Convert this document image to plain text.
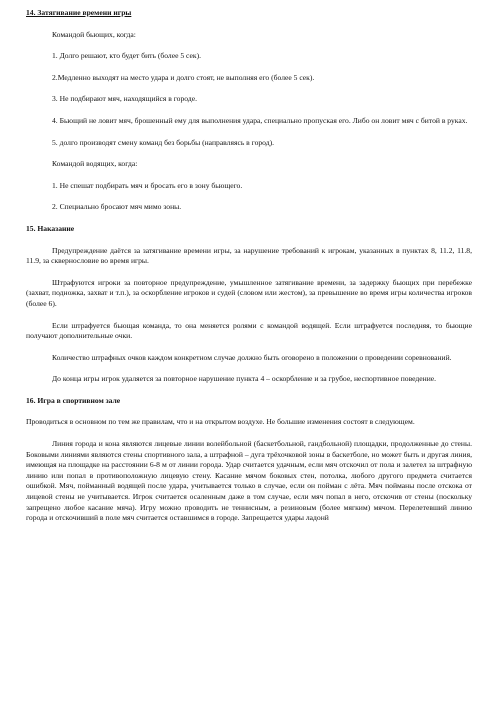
14. Затягивание времени игры

Командой бьющих, когда:

1. Долго решают, кто будет бить (более 5 сек).

2.Медленно выходят на место удара и долго стоят, не выполняя его (более 5 сек).

3. Не подбирают мяч, находящийся в городе.

4. Бьющий не ловит мяч, брошенный ему для выполнения удара, специально пропуская его. Либо он ловит мяч с битой в руках.

5. долго производят смену команд без борьбы (направляясь в город).

Командой водящих, когда:

1. Не спешат подбирать мяч и бросать его в зону бьющего.

2. Специально бросают мяч мимо зоны.

15. Наказание

Предупреждение даётся за затягивание времени игры, за нарушение требований к игрокам, указанных в пунктах 8, 11.2, 11.8, 11.9, за сквернословие во время игры.

Штрафуются игроки за повторное предупреждение, умышленное затягивание времени, за задержку бьющих при перебежке (захват, подножка, захват и т.п.), за оскорбление игроков и судей (словом или жестом), за превышение во время игры количества игроков (более 6).

Если штрафуется бьющая команда, то она меняется ролями с командой водящей. Если штрафуется последняя, то бьющие получают дополнительные очки.

Количество штрафных очков каждом конкретном случае должно быть оговорено в положении о проведении соревнований.

До конца игры игрок удаляется за повторное нарушение пункта 4 – оскорбление и за грубое, неспортивное поведение.

16. Игра в спортивном зале

Проводиться в основном по тем же правилам, что и на открытом воздухе. Не большие изменения состоят в следующем.

Линия города и кона являются лицевые линии волейбольной (баскетбольной, гандбольной) площадки, продолженные до стены. Боковыми линиями являются стены спортивного зала, а штрафной – дуга трёхочковой зоны в баскетболе, но может быть и другая линия, имеющая на площадке на расстоянии 6-8 м от линии города. Удар считается удачным, если мяч отскочил от пола и залетел за штрафную линию или попал в противоположную лицевую стену. Касание мячом боковых стен, потолка, любого другого предмета считается ошибкой. Мяч, пойманный водящей после удара, учитывается только в случае, если он пойман с лёта. Мяч пойманы после отскока от лицевой стены не учитывается. Игрок считается осаленным даже в том случае, если мяч попал в него, отскочив от стены (поскольку запрещено любое касание мяча). Игру можно проводить не теннисным, а резиновым (более мягким) мячом. Перелетевший линию города и отскочивший в поле мяч считается оставшимся в городе. Запрещается удары ладонй
